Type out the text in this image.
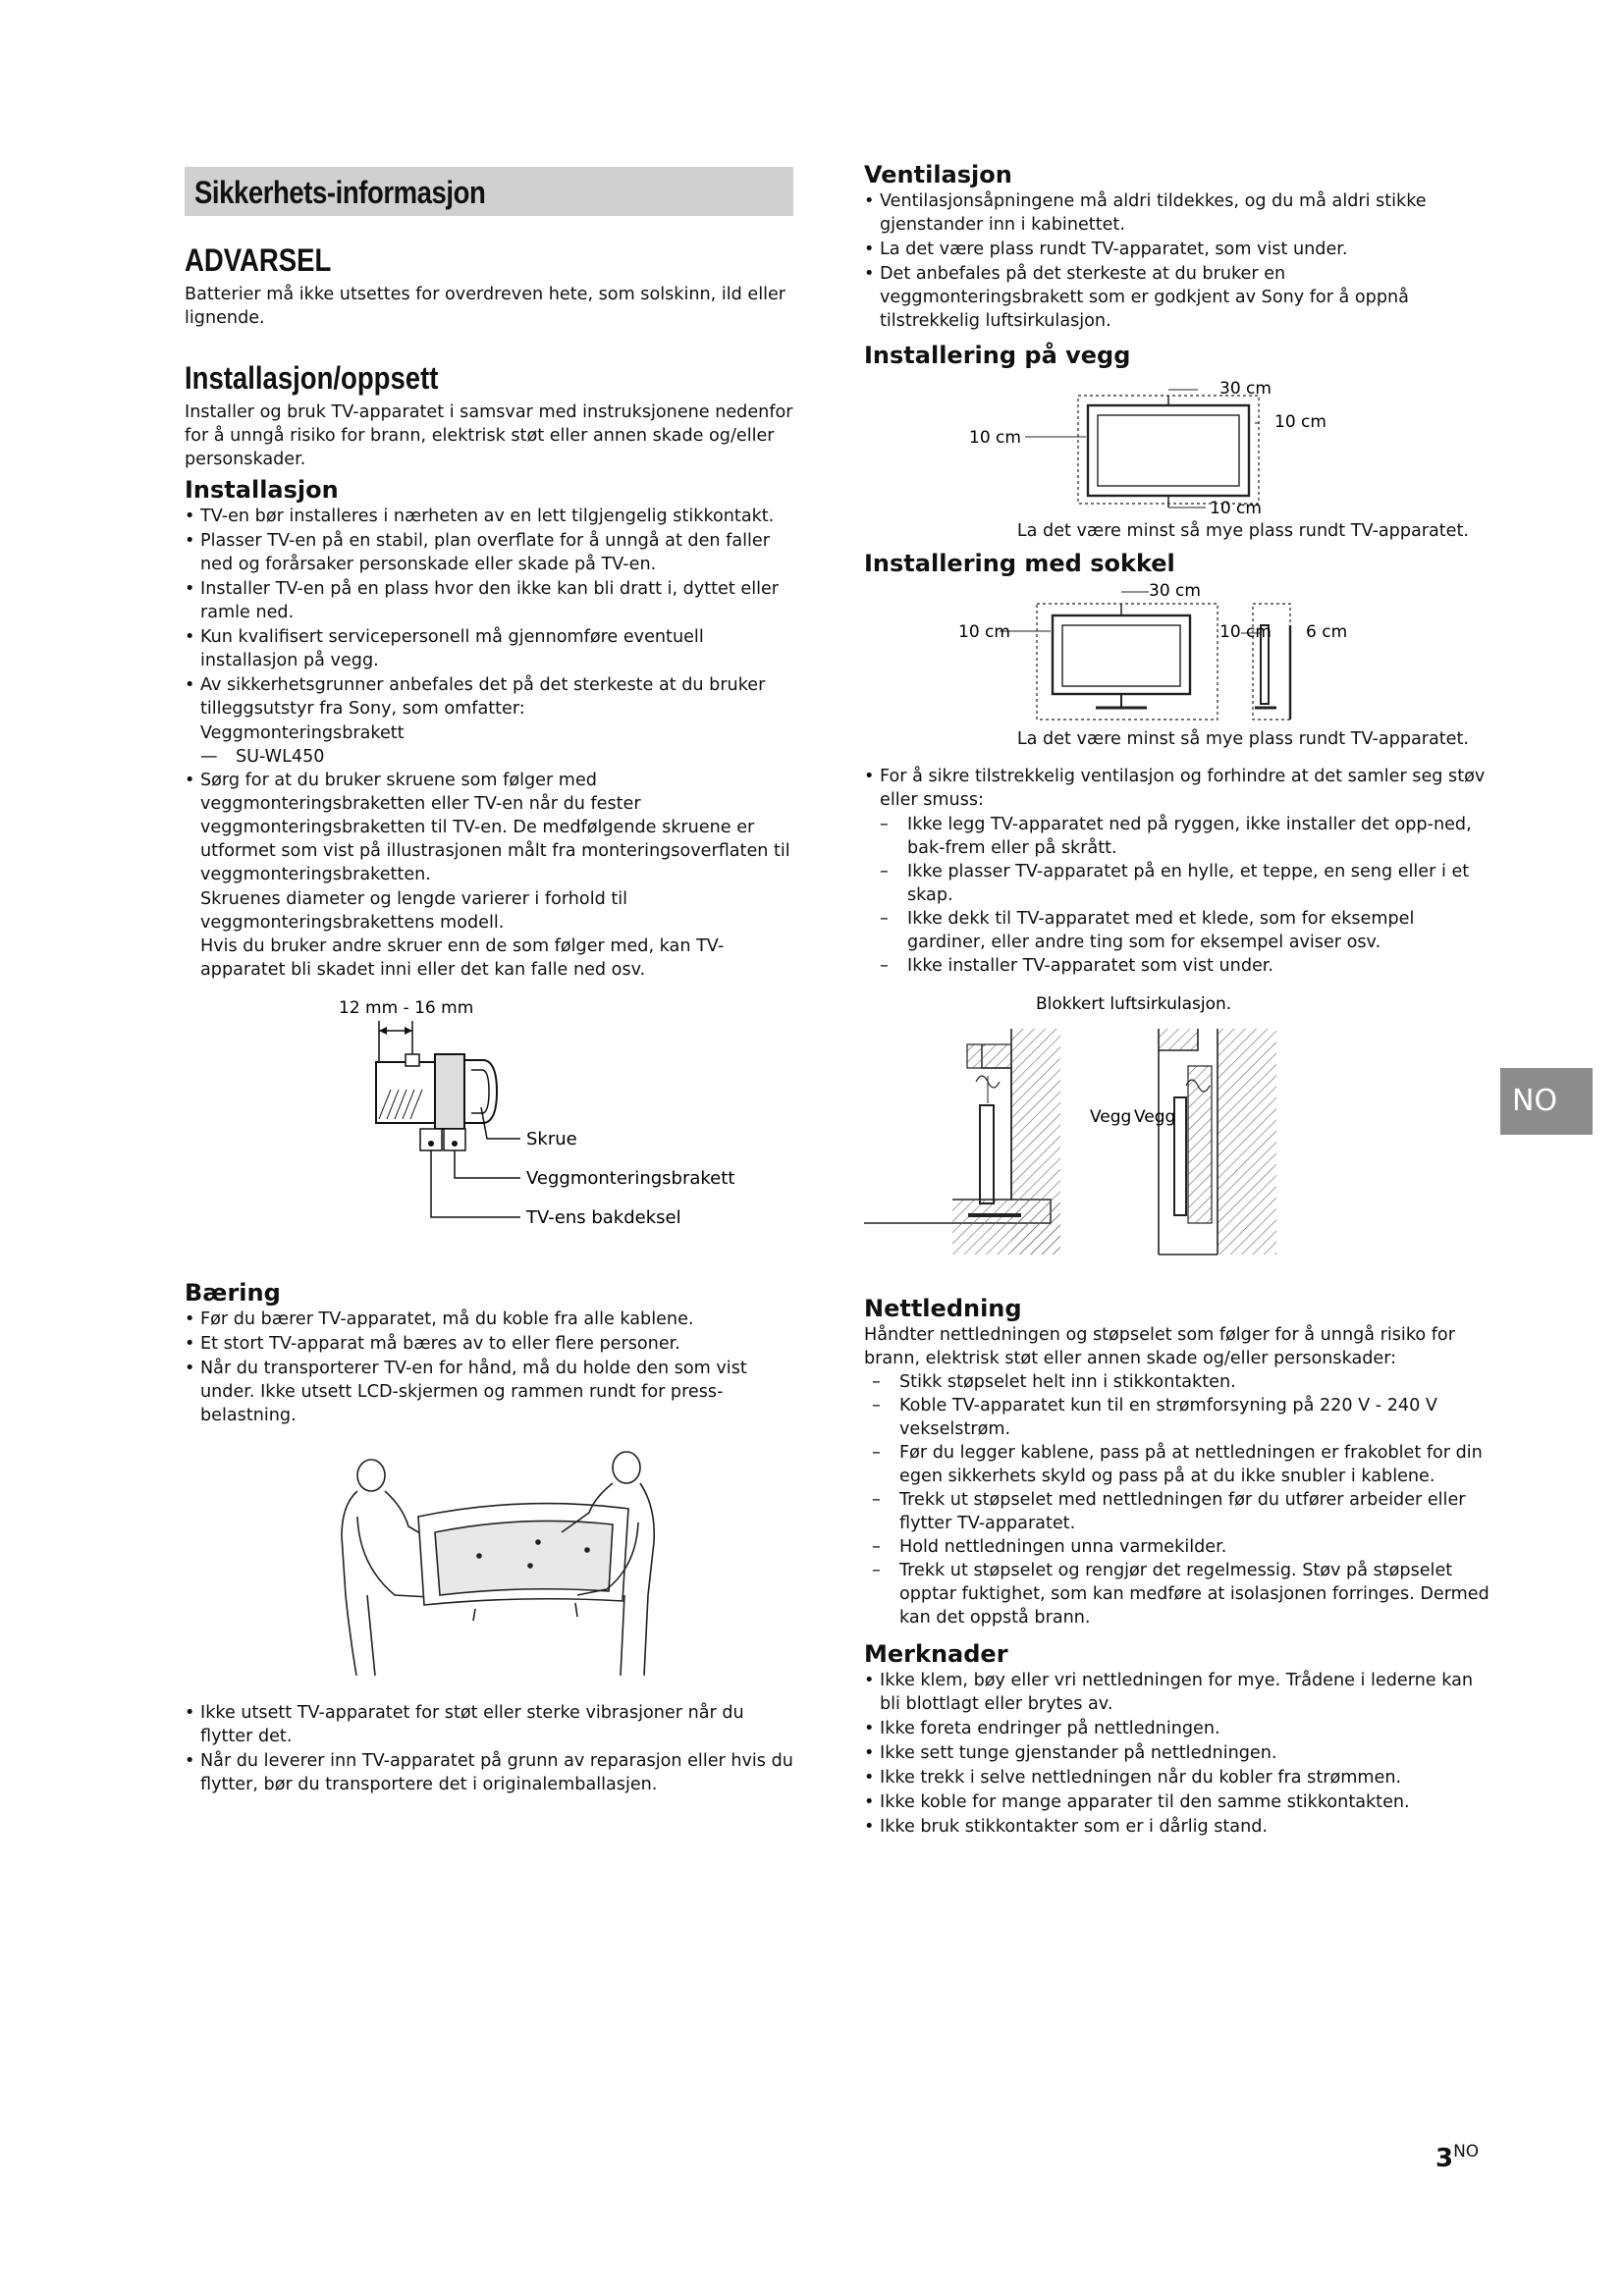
Sikkerhets-informasjon
ADVARSEL

Batterier må ikke utsettes for overdreven hete, som solskinn, ild eller lignende.

Installasjon/oppsett

Installer og bruk TV-apparatet i samsvar med instruksjonene nedenfor for å unngå risiko for brann, elektrisk støt eller annen skade og/eller personskader.

Installasjon
• TV-en bør installeres i nærheten av en lett tilgjengelig stikkontakt.
• Plasser TV-en på en stabil, plan overflate for å unngå at den faller ned og forårsaker personskade eller skade på TV-en.
• Installer TV-en på en plass hvor den ikke kan bli dratt i, dyttet eller ramle ned.
• Kun kvalifisert servicepersonell må gjennomføre eventuell installasjon på vegg.
• Av sikkerhetsgrunner anbefales det på det sterkeste at du bruker tilleggsutstyr fra Sony, som omfatter:
Veggmonteringsbrakett
— SU-WL450
• Sørg for at du bruker skruene som følger med veggmonteringsbraketten eller TV-en når du fester veggmonteringsbraketten til TV-en. De medfølgende skruene er utformet som vist på illustrasjonen målt fra monteringsoverflaten til veggmonteringsbraketten.
Skruenes diameter og lengde varierer i forhold til veggmonteringsbrakettens modell.
Hvis du bruker andre skruer enn de som følger med, kan TV-apparatet bli skadet inni eller det kan falle ned osv.
12 mm - 16 mm
Skrue
Veggmonteringsbrakett
TV-ens bakdeksel
Bæring
• Før du bærer TV-apparatet, må du koble fra alle kablene.
• Et stort TV-apparat må bæres av to eller flere personer.
• Når du transporterer TV-en for hånd, må du holde den som vist under. Ikke utsett LCD-skjermen og rammen rundt for press-belastning.
• Ikke utsett TV-apparatet for støt eller sterke vibrasjoner når du flytter det.
• Når du leverer inn TV-apparatet på grunn av reparasjon eller hvis du flytter, bør du transportere det i originalemballasjen.
Ventilasjon
• Ventilasjonsåpningene må aldri tildekkes, og du må aldri stikke gjenstander inn i kabinettet.
• La det være plass rundt TV-apparatet, som vist under.
• Det anbefales på det sterkeste at du bruker en veggmonteringsbrakett som er godkjent av Sony for å oppnå tilstrekkelig luftsirkulasjon.
Installering på vegg
30 cm
10 cm
10 cm
10 cm
La det være minst så mye plass rundt TV-apparatet.
Installering med sokkel
30 cm
10 cm	10 cm 6 cm
La det være minst så mye plass rundt TV-apparatet.
• For å sikre tilstrekkelig ventilasjon og forhindre at det samler seg støv eller smuss:
– Ikke legg TV-apparatet ned på ryggen, ikke installer det opp-ned, bak-frem eller på skrått.
– Ikke plasser TV-apparatet på en hylle, et teppe, en seng eller i et skap.
– Ikke dekk til TV-apparatet med et klede, som for eksempel gardiner, eller andre ting som for eksempel aviser osv.
– Ikke installer TV-apparatet som vist under.
Blokkert luftsirkulasjon.
Vegg Vegg
Nettledning

Håndter nettledningen og støpselet som følger for å unngå risiko for brann, elektrisk støt eller annen skade og/eller personskader:

– Stikk støpselet helt inn i stikkontakten.
– Koble TV-apparatet kun til en strømforsyning på 220 V - 240 V vekselstrøm.
– Før du legger kablene, pass på at nettledningen er frakoblet for din egen sikkerhets skyld og pass på at du ikke snubler i kablene.
– Trekk ut støpselet med nettledningen før du utfører arbeider eller flytter TV-apparatet.
– Hold nettledningen unna varmekilder.
– Trekk ut støpselet og rengjør det regelmessig. Støv på støpselet opptar fuktighet, som kan medføre at isolasjonen forringes. Dermed kan det oppstå brann.
Merknader
• Ikke klem, bøy eller vri nettledningen for mye. Trådene i lederne kan bli blottlagt eller brytes av.
• Ikke foreta endringer på nettledningen.
• Ikke sett tunge gjenstander på nettledningen.
• Ikke trekk i selve nettledningen når du kobler fra strømmen.
• Ikke koble for mange apparater til den samme stikkontakten.
• Ikke bruk stikkontakter som er i dårlig stand.
NO
$3^{NO}$
